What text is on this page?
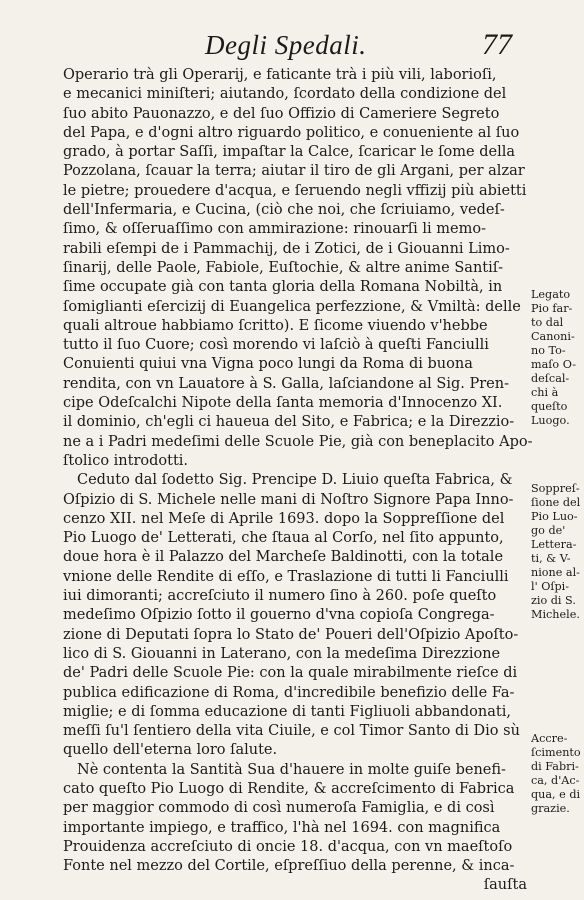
Degli Spedali.	77
Operario trà gli Operarij, e faticante trà i più vili, laborioſi,
e mecanici miniſteri; aiutando, ſcordato della condizione del
ſuo abito Pauonazzo, e del ſuo Offizio di Cameriere Segreto
del Papa, e d'ogni altro riguardo politico, e conueniente al ſuo
grado, à portar Saſſi, impaſtar la Calce, ſcaricar le ſome della
Pozzolana, ſcauar la terra; aiutar il tiro de gli Argani, per alzar
le pietre; prouedere d'acqua, e ſeruendo negli vffizij più abietti
dell'Infermaria, e Cucina, (ciò che noi, che ſcriuiamo, vedeſ-
ſimo, & oſſeruaſſimo con ammirazione: rinouarſi li memo-
rabili eſempi de i Pammachij, de i Zotici, de i Giouanni Limo-
ſinarij, delle Paole, Fabiole, Euſtochie, & altre anime Santiſ-
ſime occupate già con tanta gloria della Romana Nobiltà, in
ſomiglianti eſercizij di Euangelica perfezzione, & Vmiltà: delle
quali altroue habbiamo ſcritto). E ſicome viuendo v'hebbe
tutto il ſuo Cuore; così morendo vi laſciò à queſti Fanciulli
Conuienti quiui vna Vigna poco lungi da Roma di buona
rendita, con vn Lauatore à S. Galla, laſciandone al Sig. Pren-
cipe Odeſcalchi Nipote della ſanta memoria d'Innocenzo XI.
il dominio, ch'egli ci haueua del Sito, e Fabrica; e la Direzzio-
ne a i Padri medeſimi delle Scuole Pie, già con beneplacito Apo-
ſtolico introdotti.
Ceduto dal ſodetto Sig. Prencipe D. Liuio queſta Fabrica, &
Oſpizio di S. Michele nelle mani di Noſtro Signore Papa Inno-
cenzo XII. nel Meſe di Aprile 1693. dopo la Soppreſſione del
Pio Luogo de' Letterati, che ſtaua al Corſo, nel ſito appunto,
doue hora è il Palazzo del Marcheſe Baldinotti, con la totale
vnione delle Rendite di eſſo, e Traslazione di tutti li Fanciulli
iui dimoranti; accreſciuto il numero ſino à 260. poſe queſto
medeſimo Oſpizio ſotto il gouerno d'vna copioſa Congrega-
zione di Deputati ſopra lo Stato de' Poueri dell'Oſpizio Apoſto-
lico di S. Giouanni in Laterano, con la medeſima Direzzione
de' Padri delle Scuole Pie: con la quale mirabilmente rieſce di
publica edificazione di Roma, d'incredibile benefizio delle Fa-
miglie; e di ſomma educazione di tanti Figliuoli abbandonati,
meſſi ſu'l ſentiero della vita Ciuile, e col Timor Santo di Dio sù
quello dell'eterna loro ſalute.
Nè contenta la Santità Sua d'hauere in molte guiſe benefi-
cato queſto Pio Luogo di Rendite, & accreſcimento di Fabrica
per maggior commodo di così numeroſa Famiglia, e di così
importante impiego, e traffico, l'hà nel 1694. con magnifica
Prouidenza accreſciuto di oncie 18. d'acqua, con vn maeſtoſo
Fonte nel mezzo del Cortile, eſpreſſiuo della perenne, & inca-
ſauſta
Legato
Pio far-
to dal
Canoni-
no To-
maſo O-
deſcal-
chi à
queſto
Luogo.
Soppreſ-
ſione del
Pio Luo-
go de'
Lettera-
ti, & V-
nione al-
l' Oſpi-
zio di S.
Michele.
Accre-
ſcimento
di Fabri-
ca, d'Ac-
qua, e di
grazie.
